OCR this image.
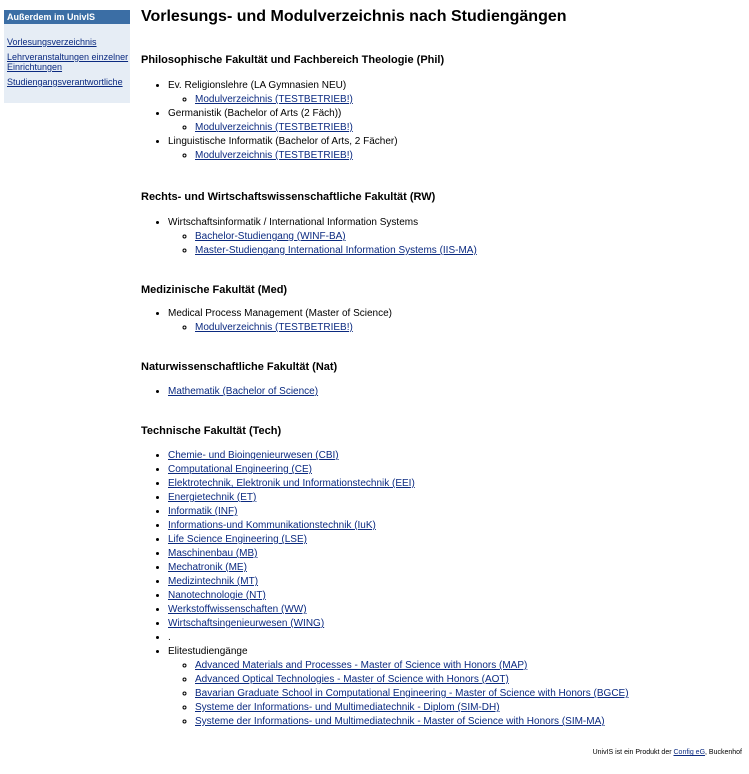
Außerdem im UnivIS
Vorlesungsverzeichnis
Lehrveranstaltungen einzelner Einrichtungen
Studiengangsverantwortliche
Vorlesungs- und Modulverzeichnis nach Studiengängen
Philosophische Fakultät und Fachbereich Theologie (Phil)
• Ev. Religionslehre (LA Gymnasien NEU)
◦ Modulverzeichnis (TESTBETRIEB!)
• Germanistik (Bachelor of Arts (2 Fäch))
◦ Modulverzeichnis (TESTBETRIEB!)
• Linguistische Informatik (Bachelor of Arts, 2 Fächer)
◦ Modulverzeichnis (TESTBETRIEB!)
Rechts- und Wirtschaftswissenschaftliche Fakultät (RW)
• Wirtschaftsinformatik / International Information Systems
◦ Bachelor-Studiengang (WINF-BA)
◦ Master-Studiengang International Information Systems (IIS-MA)
Medizinische Fakultät (Med)
• Medical Process Management (Master of Science)
◦ Modulverzeichnis (TESTBETRIEB!)
Naturwissenschaftliche Fakultät (Nat)
• Mathematik (Bachelor of Science)
Technische Fakultät (Tech)
• Chemie- und Bioingenieurwesen (CBI)
• Computational Engineering (CE)
• Elektrotechnik, Elektronik und Informationstechnik (EEI)
• Energietechnik (ET)
• Informatik (INF)
• Informations-und Kommunikationstechnik (IuK)
• Life Science Engineering (LSE)
• Maschinenbau (MB)
• Mechatronik (ME)
• Medizintechnik (MT)
• Nanotechnologie (NT)
• Werkstoffwissenschaften (WW)
• Wirtschaftsingenieurwesen (WING)
• .
• Elitestudiengänge
◦ Advanced Materials and Processes - Master of Science with Honors (MAP)
◦ Advanced Optical Technologies - Master of Science with Honors (AOT)
◦ Bavarian Graduate School in Computational Engineering - Master of Science with Honors (BGCE)
◦ Systeme der Informations- und Multimediatechnik - Diplom (SIM-DH)
◦ Systeme der Informations- und Multimediatechnik - Master of Science with Honors (SIM-MA)
UnivIS ist ein Produkt der Config eG, Buckenhof
